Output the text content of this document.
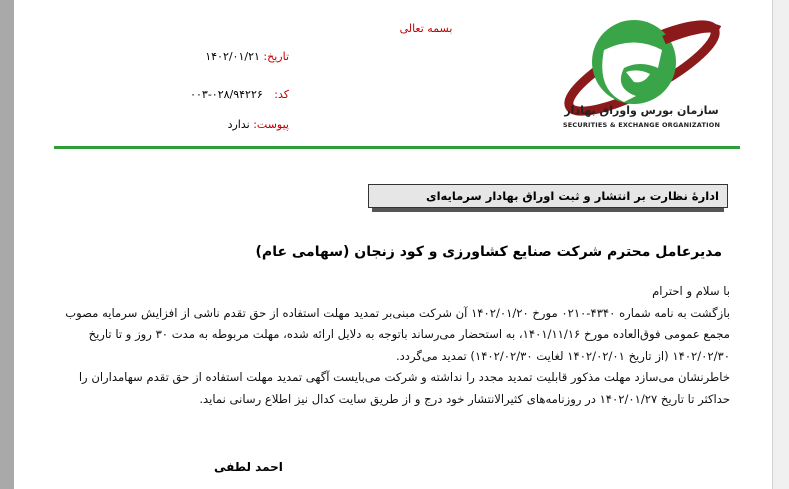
بسمه تعالی
تاریخ: ۱۴۰۲/۰۱/۲۱
کد: ۰۲۸/۹۴۲۲۶-۰۰۳
پیوست: ندارد
سازمان بورس واوراق بهادار
SECURITIES & EXCHANGE ORGANIZATION
ادارۀ نظارت بر انتشار و ثبت اوراق بهادار سرمایه‌ای
مدیرعامل محترم شرکت صنایع کشاورزی و کود زنجان (سهامی عام)

با سلام و احترام

بازگشت به نامه شماره ۴۳۴۰-۰۲۱۰ مورخ ۱۴۰۲/۰۱/۲۰ آن شرکت مبنی‌بر تمدید مهلت استفاده از حق تقدم ناشی از افزایش سرمایه مصوب مجمع عمومی فوق‌العاده مورخ ۱۴۰۱/۱۱/۱۶، به استحضار می‌رساند باتوجه به دلایل ارائه شده، مهلت مربوطه به مدت ۳۰ روز و تا تاریخ ۱۴۰۲/۰۲/۳۰ (از تاریخ ۱۴۰۲/۰۲/۰۱ لغایت ۱۴۰۲/۰۲/۳۰) تمدید می‌گردد.

خاطرنشان می‌سازد مهلت مذکور قابلیت تمدید مجدد را نداشته و شرکت می‌بایست آگهی تمدید مهلت استفاده از حق تقدم سهامداران را حداکثر تا تاریخ ۱۴۰۲/۰۱/۲۷ در روزنامه‌های کثیرالانتشار خود درج و از طریق سایت کدال نیز اطلاع رسانی نماید.

احمد لطفی
